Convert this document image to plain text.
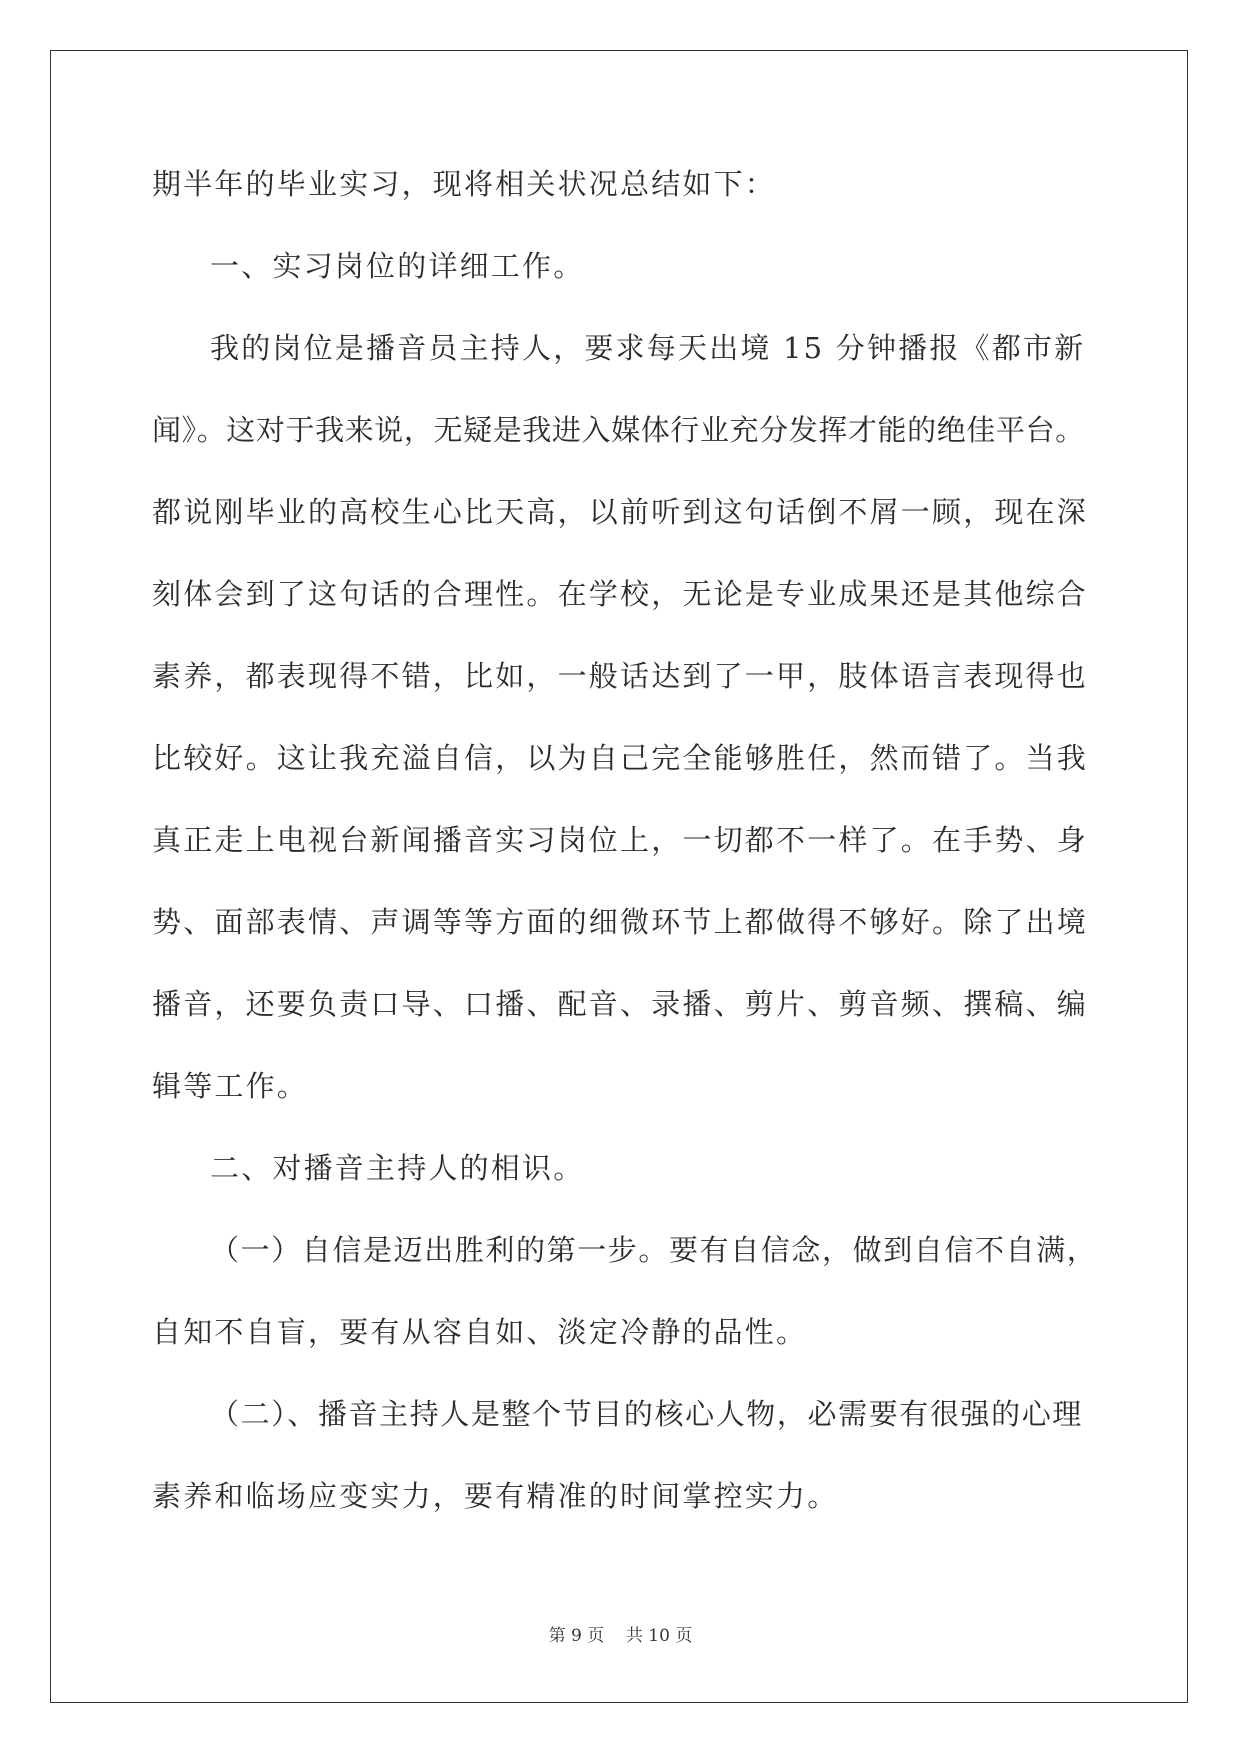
期半年的毕业实习，现将相关状况总结如下：
一、实习岗位的详细工作。
我的岗位是播音员主持人，要求每天出境 15 分钟播报《都市新
闻》。这对于我来说，无疑是我进入媒体行业充分发挥才能的绝佳平台。
都说刚毕业的高校生心比天高，以前听到这句话倒不屑一顾，现在深
刻体会到了这句话的合理性。在学校，无论是专业成果还是其他综合
素养，都表现得不错，比如，一般话达到了一甲，肢体语言表现得也
比较好。这让我充溢自信，以为自己完全能够胜任，然而错了。当我
真正走上电视台新闻播音实习岗位上，一切都不一样了。在手势、身
势、面部表情、声调等等方面的细微环节上都做得不够好。除了出境
播音，还要负责口导、口播、配音、录播、剪片、剪音频、撰稿、编
辑等工作。
二、对播音主持人的相识。
（一）自信是迈出胜利的第一步。要有自信念，做到自信不自满，
自知不自盲，要有从容自如、淡定冷静的品性。
（二）、播音主持人是整个节目的核心人物，必需要有很强的心理
素养和临场应变实力，要有精准的时间掌控实力。
第 9 页 共 10 页
